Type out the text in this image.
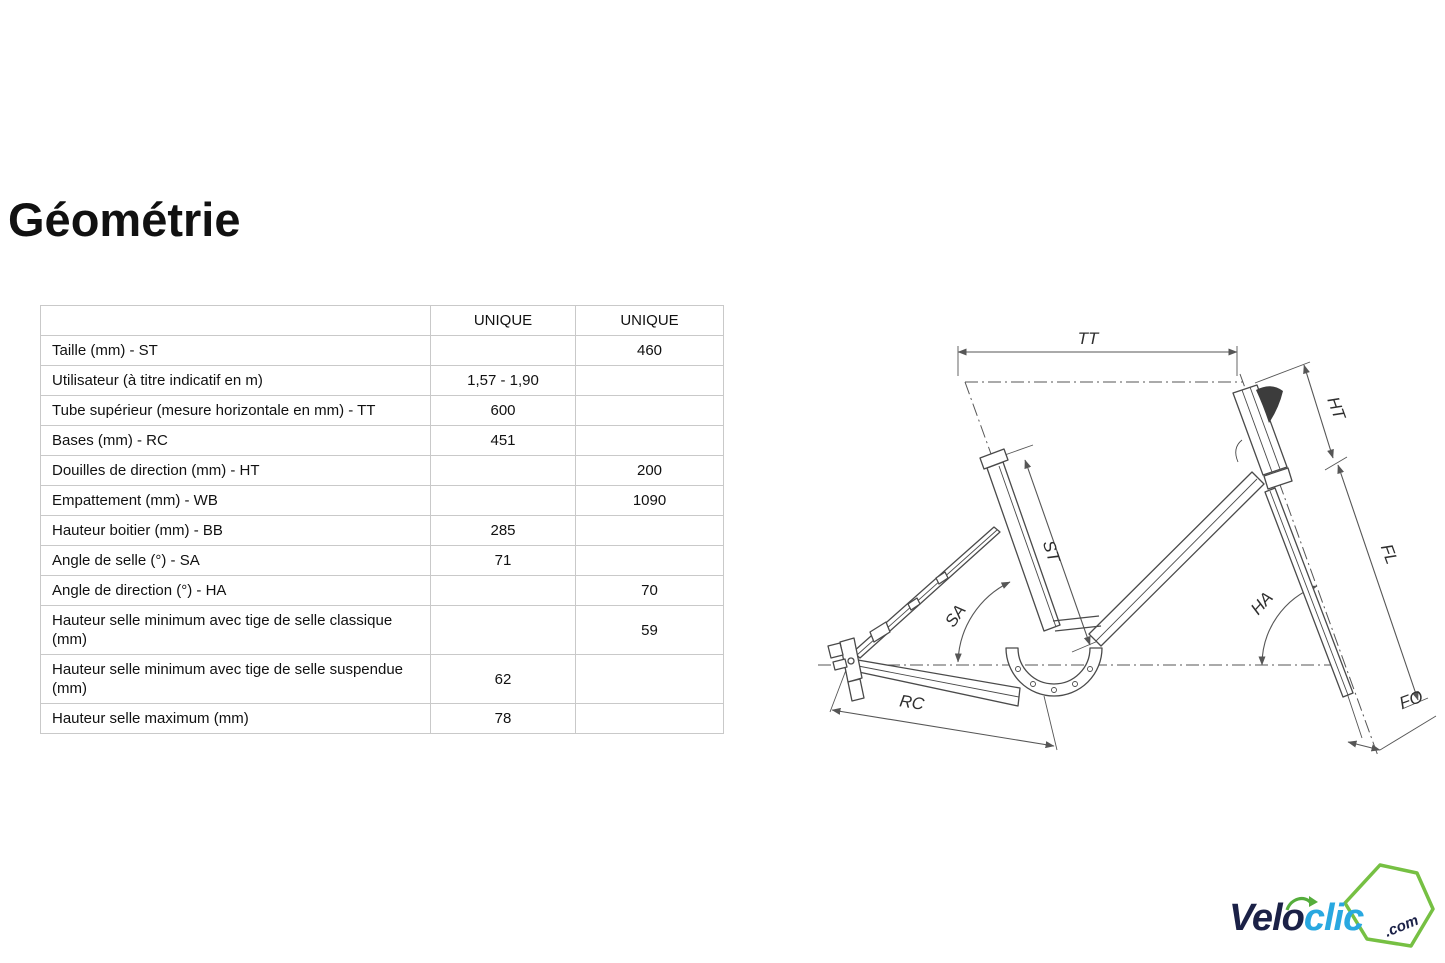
Géométrie
	UNIQUE	UNIQUE
Taille (mm) - ST		460
Utilisateur (à titre indicatif en m)	1,57 - 1,90	
Tube supérieur (mesure horizontale en mm) - TT	600	
Bases (mm) - RC	451	
Douilles de direction (mm) - HT		200
Empattement (mm) - WB		1090
Hauteur boitier (mm) - BB	285	
Angle de selle (°) - SA	71	
Angle de direction (°) - HA		70
Hauteur selle minimum avec tige de selle classique (mm)		59
Hauteur selle minimum avec tige de selle suspendue (mm)	62	
Hauteur selle maximum (mm)	78	
TT
ST
HT
FL
RC
SA	HA
FO
Veloclic .com
